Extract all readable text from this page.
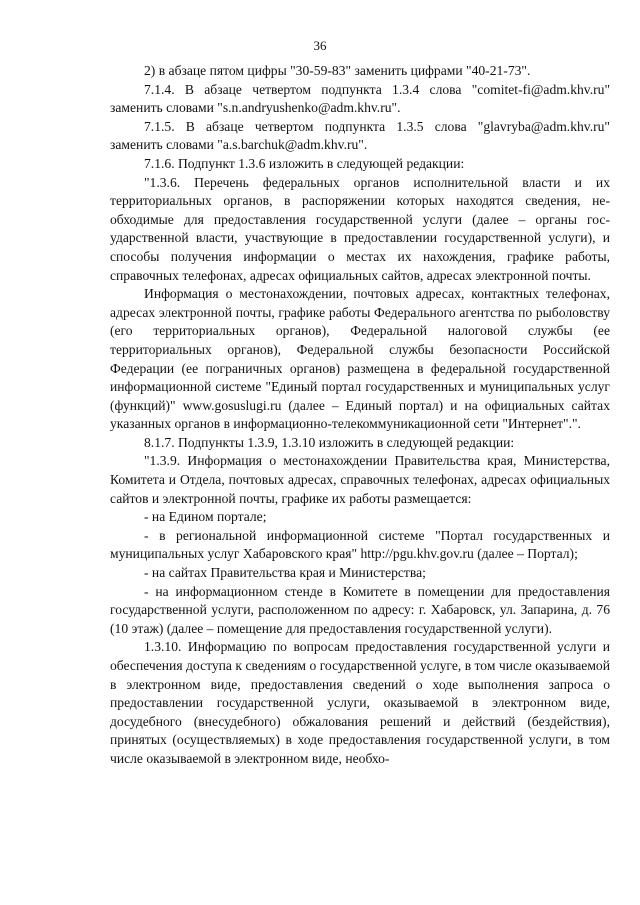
36

2) в абзаце пятом цифры "30-59-83" заменить цифрами "40-21-73".

7.1.4. В абзаце четвертом подпункта 1.3.4 слова "comitet-fi@adm.khv.ru" заменить словами "s.n.andryushenko@adm.khv.ru".

7.1.5. В абзаце четвертом подпункта 1.3.5 слова "glavryba@adm.khv.ru" заменить словами "a.s.barchuk@adm.khv.ru".

7.1.6. Подпункт 1.3.6 изложить в следующей редакции:

"1.3.6. Перечень федеральных органов исполнительной власти и их территориальных органов, в распоряжении которых находятся сведения, необходимые для предоставления государственной услуги (далее – органы государственной власти, участвующие в предоставлении государственной услуги), и способы получения информации о местах их нахождения, графике работы, справочных телефонах, адресах официальных сайтов, адресах электронной почты.

Информация о местонахождении, почтовых адресах, контактных телефонах, адресах электронной почты, графике работы Федерального агентства по рыболовству (его территориальных органов), Федеральной налоговой службы (ее территориальных органов), Федеральной службы безопасности Российской Федерации (ее пограничных органов) размещена в федеральной государственной информационной системе "Единый портал государственных и муниципальных услуг (функций)" www.gosuslugi.ru (далее – Единый портал) и на официальных сайтах указанных органов в информационно-телекоммуникационной сети "Интернет".".

8.1.7. Подпункты 1.3.9, 1.3.10 изложить в следующей редакции:

"1.3.9. Информация о местонахождении Правительства края, Министерства, Комитета и Отдела, почтовых адресах, справочных телефонах, адресах официальных сайтов и электронной почты, графике их работы размещается:

- на Едином портале;

- в региональной информационной системе "Портал государственных и муниципальных услуг Хабаровского края" http://pgu.khv.gov.ru (далее – Портал);

- на сайтах Правительства края и Министерства;

- на информационном стенде в Комитете в помещении для предоставления государственной услуги, расположенном по адресу: г. Хабаровск, ул. Запарина, д. 76 (10 этаж) (далее – помещение для предоставления государственной услуги).

1.3.10. Информацию по вопросам предоставления государственной услуги и обеспечения доступа к сведениям о государственной услуге, в том числе оказываемой в электронном виде, предоставления сведений о ходе выполнения запроса о предоставлении государственной услуги, оказываемой в электронном виде, досудебного (внесудебного) обжалования решений и действий (бездействия), принятых (осуществляемых) в ходе предоставления государственной услуги, в том числе оказываемой в электронном виде, необхо-
